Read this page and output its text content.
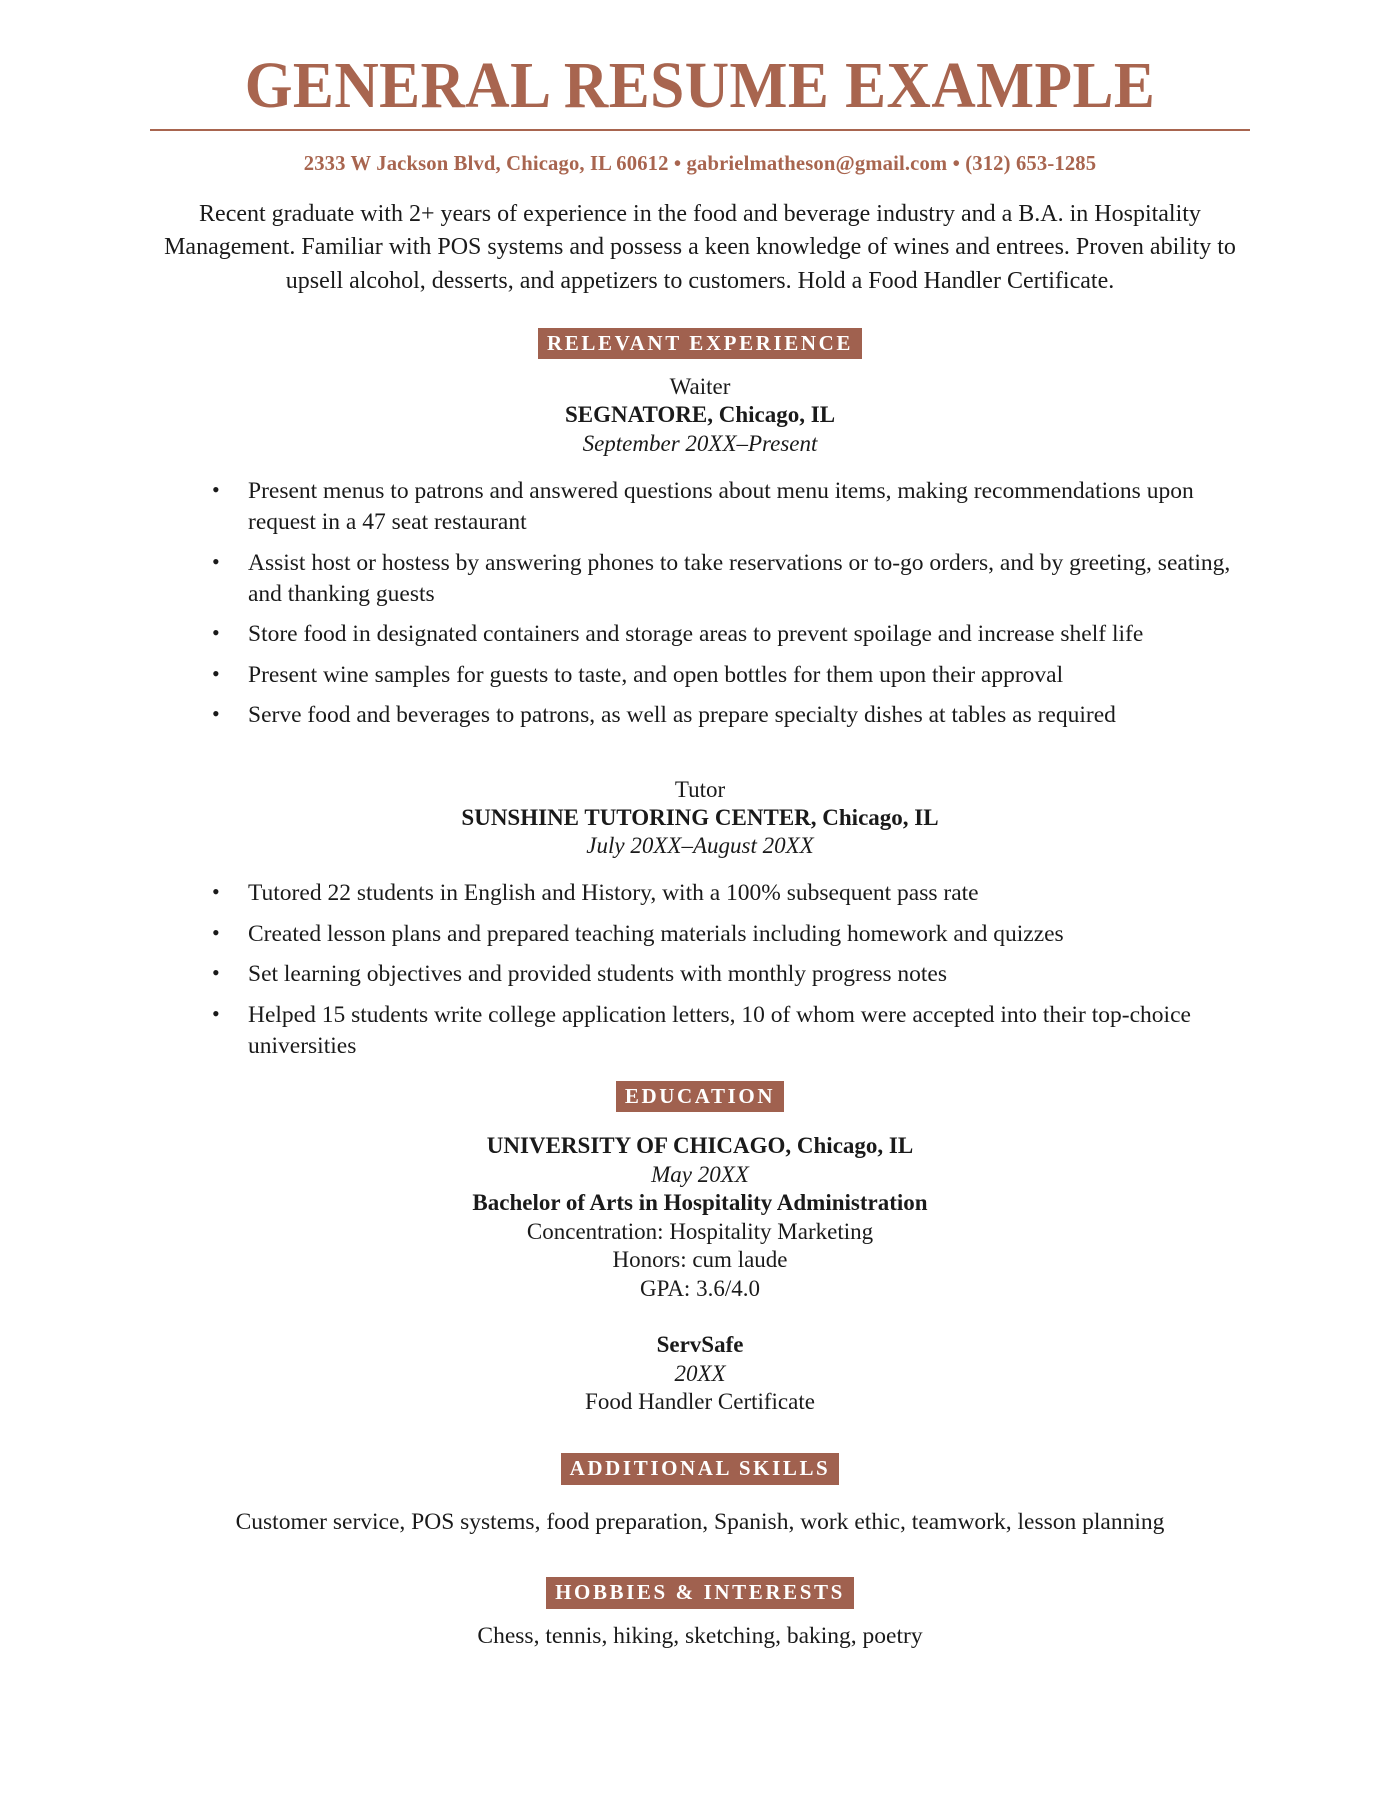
GENERAL RESUME EXAMPLE
2333 W Jackson Blvd, Chicago, IL 60612 • gabrielmatheson@gmail.com • (312) 653-1285

Recent graduate with 2+ years of experience in the food and beverage industry and a B.A. in Hospitality Management. Familiar with POS systems and possess a keen knowledge of wines and entrees. Proven ability to upsell alcohol, desserts, and appetizers to customers. Hold a Food Handler Certificate.

RELEVANT EXPERIENCE
Waiter
SEGNATORE, Chicago, IL
September 20XX–Present
• Present menus to patrons and answered questions about menu items, making recommendations upon request in a 47 seat restaurant
• Assist host or hostess by answering phones to take reservations or to-go orders, and by greeting, seating, and thanking guests
• Store food in designated containers and storage areas to prevent spoilage and increase shelf life
• Present wine samples for guests to taste, and open bottles for them upon their approval
• Serve food and beverages to patrons, as well as prepare specialty dishes at tables as required
Tutor
SUNSHINE TUTORING CENTER, Chicago, IL
July 20XX–August 20XX
• Tutored 22 students in English and History, with a 100% subsequent pass rate
• Created lesson plans and prepared teaching materials including homework and quizzes
• Set learning objectives and provided students with monthly progress notes
• Helped 15 students write college application letters, 10 of whom were accepted into their top-choice universities
EDUCATION
UNIVERSITY OF CHICAGO, Chicago, IL
May 20XX
Bachelor of Arts in Hospitality Administration
Concentration: Hospitality Marketing
Honors: cum laude
GPA: 3.6/4.0
ServSafe
20XX
Food Handler Certificate
ADDITIONAL SKILLS
Customer service, POS systems, food preparation, Spanish, work ethic, teamwork, lesson planning
HOBBIES & INTERESTS
Chess, tennis, hiking, sketching, baking, poetry
